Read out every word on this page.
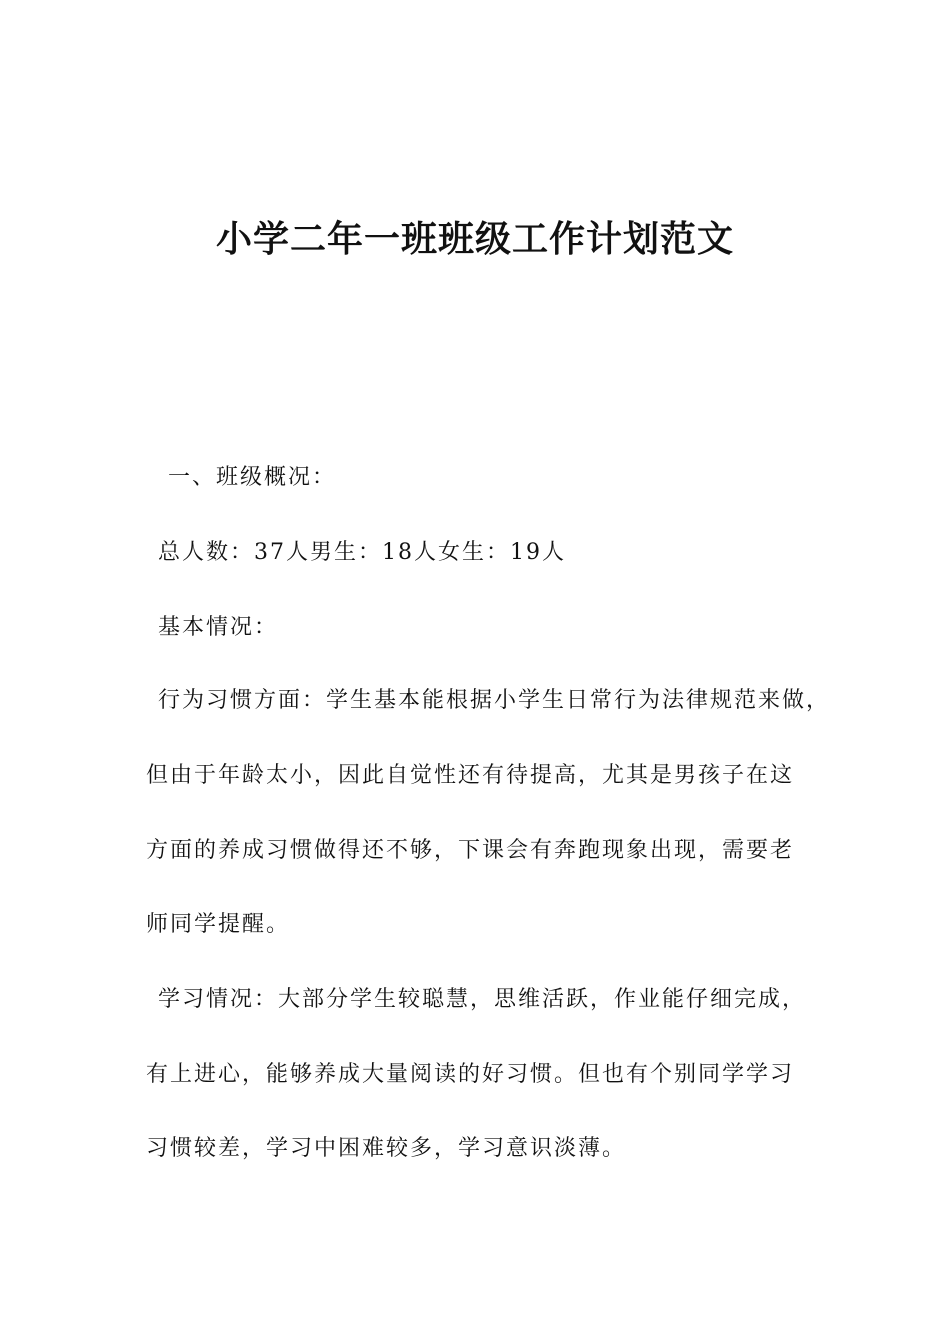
小学二年一班班级工作计划范文
一、班级概况：
总人数：37人男生：18人女生：19人
基本情况：
行为习惯方面：学生基本能根据小学生日常行为法律规范来做，
但由于年龄太小，因此自觉性还有待提高，尤其是男孩子在这
方面的养成习惯做得还不够，下课会有奔跑现象出现，需要老
师同学提醒。
学习情况：大部分学生较聪慧，思维活跃，作业能仔细完成，
有上进心，能够养成大量阅读的好习惯。但也有个别同学学习
习惯较差，学习中困难较多，学习意识淡薄。
